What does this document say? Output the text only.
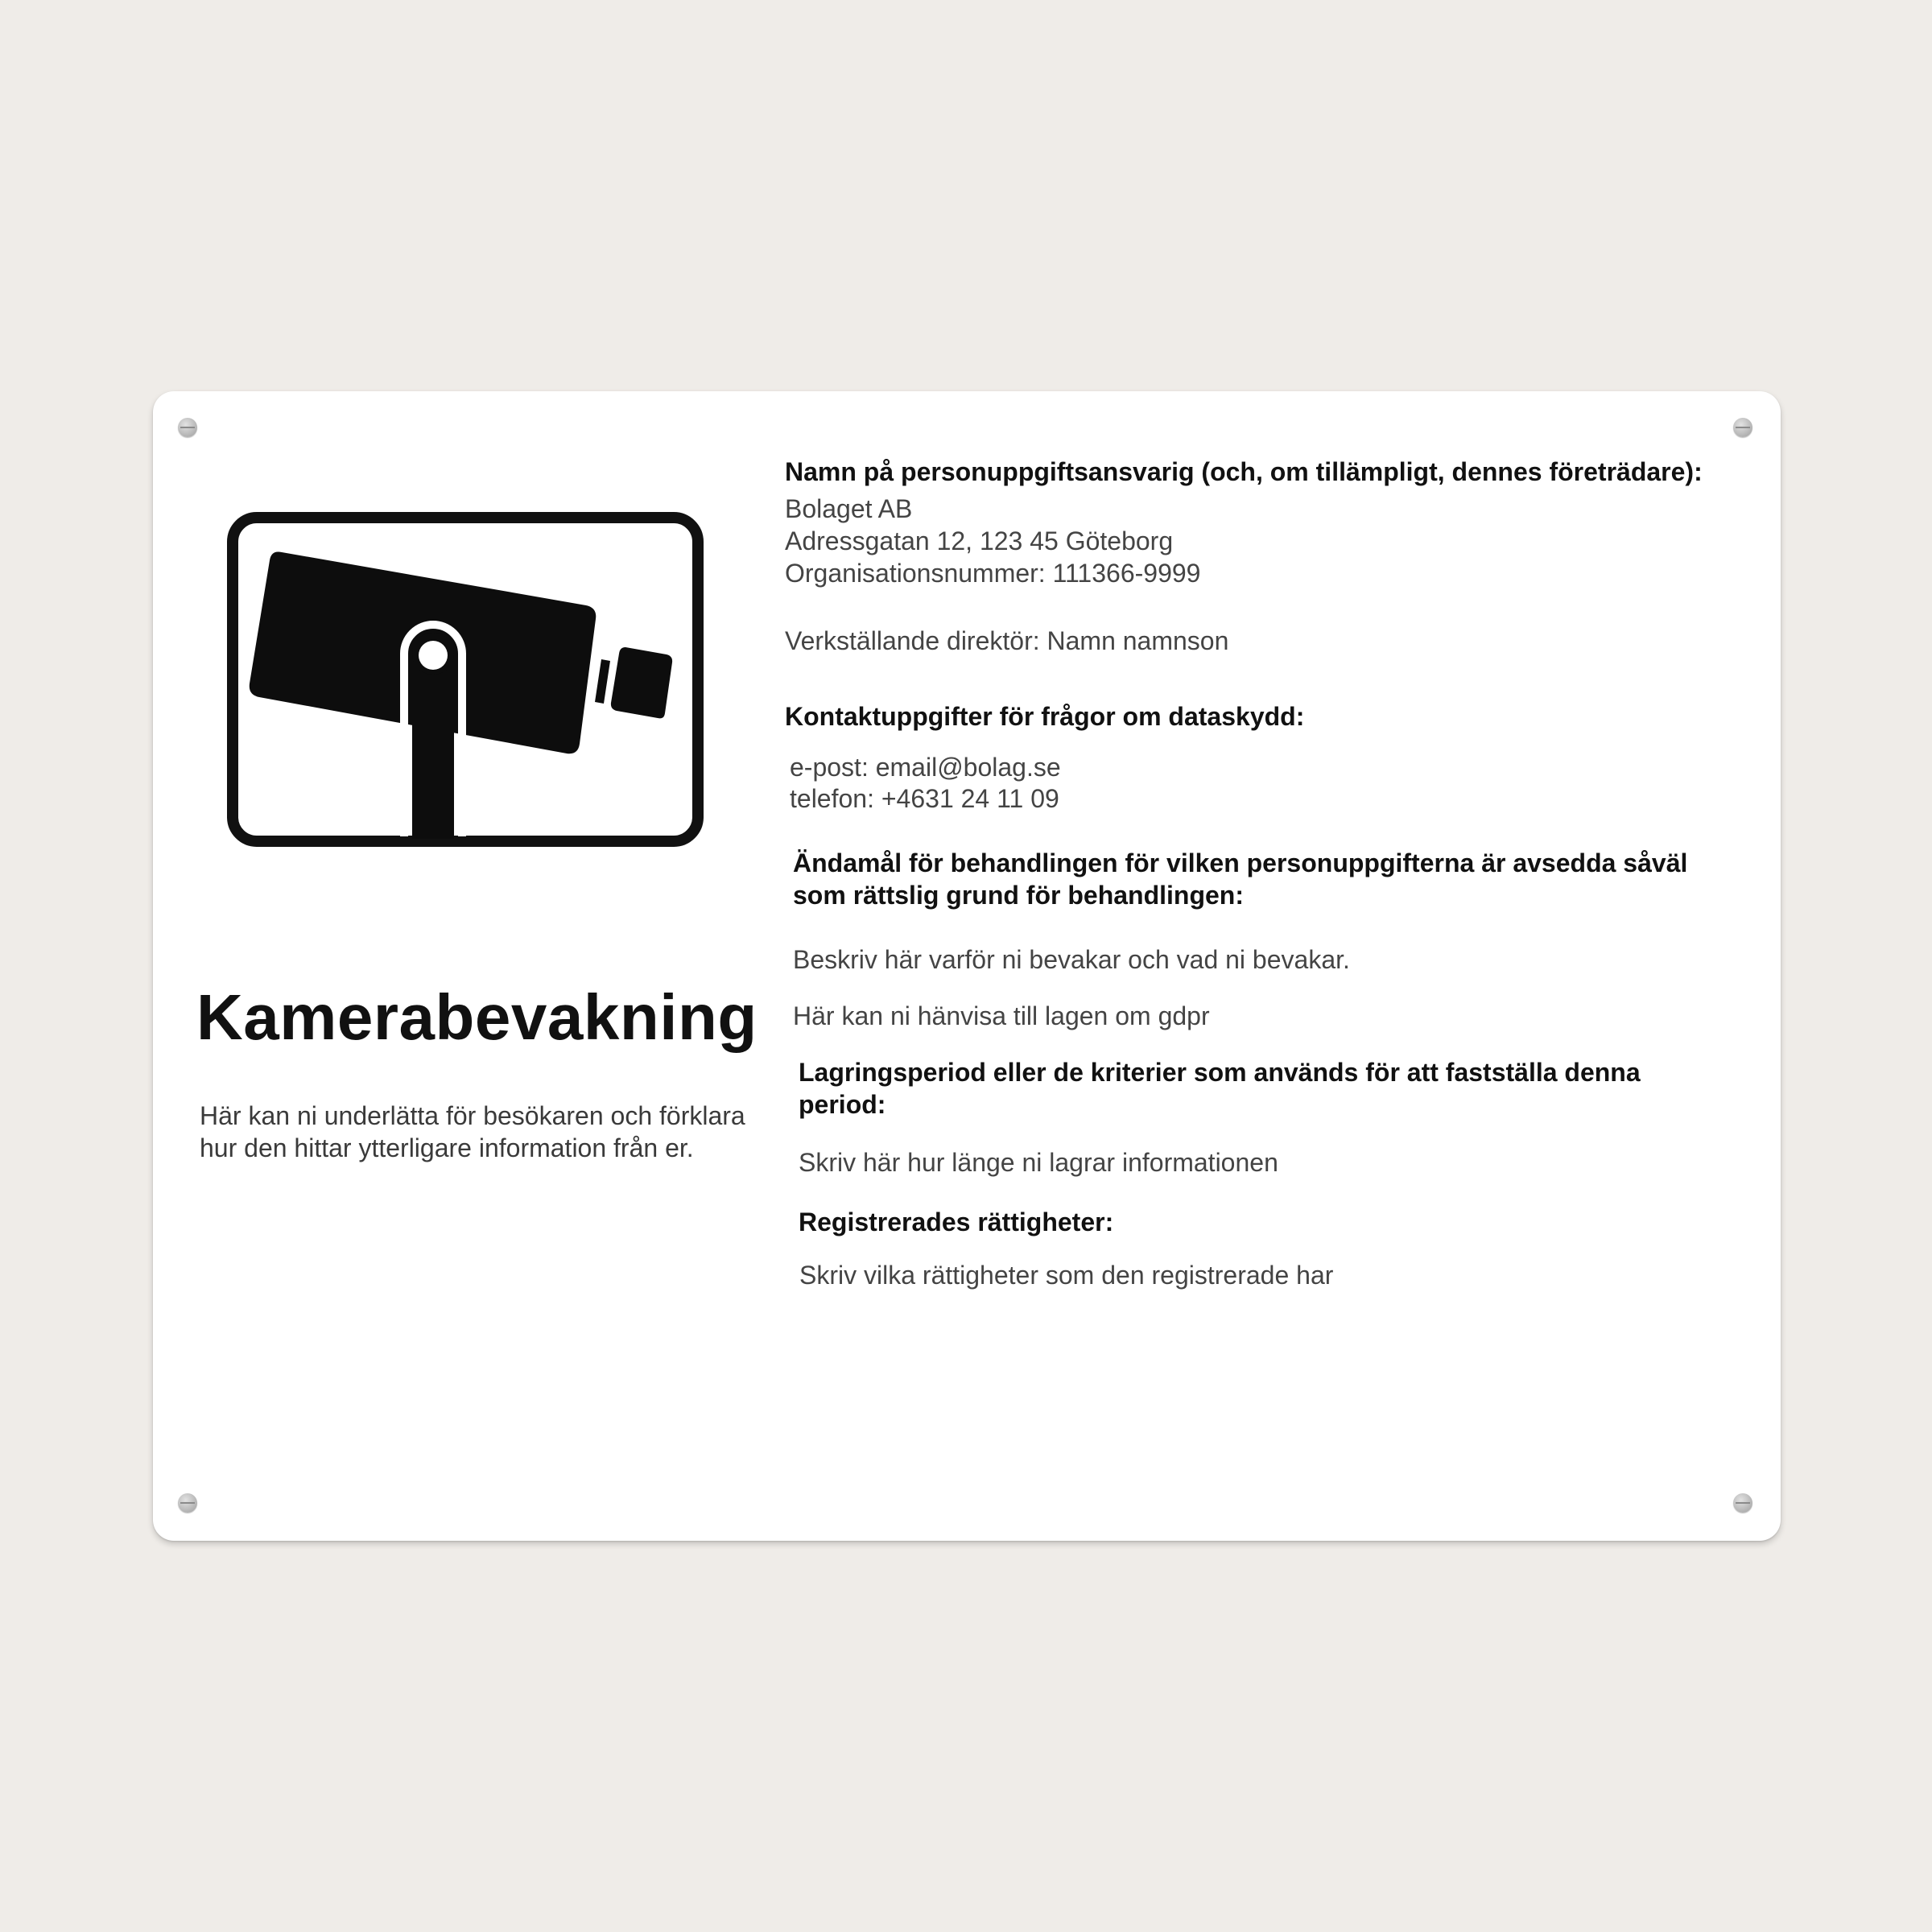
Kamerabevakning
Här kan ni underlätta för besökaren och förklara
hur den hittar ytterligare information från er.
Namn på personuppgiftsansvarig (och, om tillämpligt, dennes företrädare):
Bolaget AB
Adressgatan 12, 123 45 Göteborg
Organisationsnummer: 111366-9999
Verkställande direktör: Namn namnson
Kontaktuppgifter för frågor om dataskydd:
e-post: email@bolag.se
telefon: +4631 24 11 09
Ändamål för behandlingen för vilken personuppgifterna är avsedda såväl
som rättslig grund för behandlingen:
Beskriv här varför ni bevakar och vad ni bevakar.
Här kan ni hänvisa till lagen om gdpr
Lagringsperiod eller de kriterier som används för att fastställa denna
period:
Skriv här hur länge ni lagrar informationen
Registrerades rättigheter:
Skriv vilka rättigheter som den registrerade har
